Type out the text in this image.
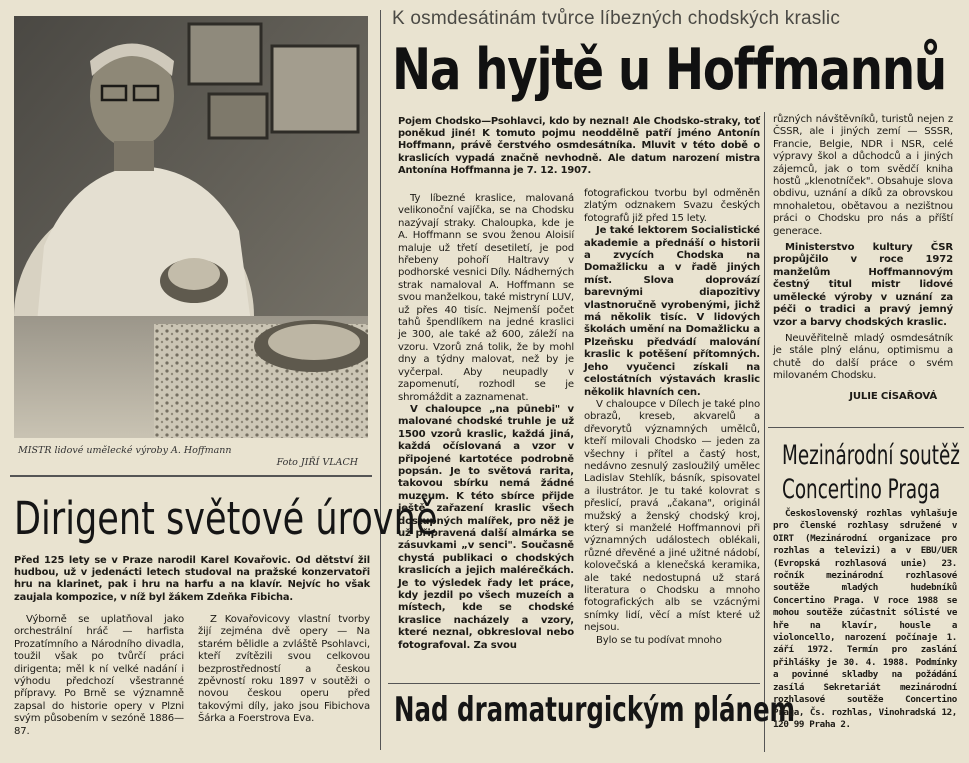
MISTR lidové umělecké výroby A. Hoffmann
Foto JIŘÍ VLACH
K osmdesátinám tvůrce líbezných chodských kraslic
Na hyjtě u Hoffmannů
Pojem Chodsko—Psohlavci, kdo by neznal! Ale Chodsko-straky, toť poněkud jiné! K tomuto pojmu neoddělně patří jméno Antonín Hoffmann, právě čerstvého osmdesátníka. Mluvit v této době o kraslicích vypadá značně nevhodně. Ale datum narození mistra Antonína Hoffmanna je 7. 12. 1907.

Ty líbezné kraslice, malovaná velikonoční vajíčka, se na Chodsku nazývají straky. Chaloupka, kde je A. Hoffmann se svou ženou Aloisií maluje už třetí desetiletí, je pod hřebeny pohoří Haltravy v podhorské vesnici Díly. Nádherných strak namaloval A. Hoffmann se svou manželkou, také mistryní LUV, už přes 40 tisíc. Nejmenší počet tahů špendlíkem na jedné kraslici je 300, ale také až 600, záleží na vzoru. Vzorů zná tolik, že by mohl dny a týdny malovat, než by je vyčerpal. Aby neupadly v zapomenutí, rozhodl se je shromáždit a zaznamenat.

V chaloupce „na pūnebi" v malované chodské truhle je už 1500 vzorů kraslic, každá jiná, každá očíslovaná a vzor v připojené kartotéce podrobně popsán. Je to světová rarita, takovou sbírku nemá žádné muzeum. K této sbírce přijde ještě zařazení kraslic všech dostupných malířek, pro něž je už připravená další almárka se zásuvkami „v senci". Současně chystá publikaci o chodských kraslicích a jejich malérečkách. Je to výsledek řady let práce, kdy jezdil po všech muzeích a místech, kde se chodské kraslice nacházely a vzory, které neznal, obkresloval nebo fotografoval. Za svou

fotografickou tvorbu byl odměněn zlatým odznakem Svazu českých fotografů již před 15 lety.

Je také lektorem Socialistické akademie a přednáší o historii a zvycích Chodska na Domažlicku a v řadě jiných míst. Slova doprovází barevnými diapozitivy vlastnoručně vyrobenými, jichž má několik tisíc. V lidových školách umění na Domažlicku a Plzeňsku předvádí malování kraslic k potěšení přítomných. Jeho vyučenci získali na celostátních výstavách kraslic několik hlavních cen.

V chaloupce v Dílech je také plno obrazů, kreseb, akvarelů a dřevorytů významných umělců, kteří milovali Chodsko — jeden za všechny i přítel a častý host, nedávno zesnulý zasloužilý umělec Ladislav Stehlík, básník, spisovatel a ilustrátor. Je tu také kolovrat s přeslicí, pravá „čakana", originál mužský a ženský chodský kroj, který si manželé Hoffmannovi při významných událostech oblékali, různé dřevěné a jiné užitné nádobí, kolovečská a klenečská keramika, ale také nedostupná už stará literatura o Chodsku a mnoho fotografických alb se vzácnými snímky lidí, věcí a míst které už nejsou.

Bylo se tu podívat mnoho

různých návštěvníků, turistů nejen z ČSSR, ale i jiných zemí — SSSR, Francie, Belgie, NDR i NSR, celé výpravy škol a důchodců a i jiných zájemců, jak o tom svědčí kniha hostů „klenotníček". Obsahuje slova obdivu, uznání a díků za obrovskou mnohaletou, obětavou a nezištnou práci o Chodsku pro nás a příští generace.

Ministerstvo kultury ČSR propůjčilo v roce 1972 manželům Hoffmannovým čestný titul mistr lidové umělecké výroby v uznání za péči o tradici a pravý jemný vzor a barvy chodských kraslic.

Neuvěřitelně mladý osmdesátník je stále plný elánu, optimismu a chutě do další práce o svém milovaném Chodsku.

JULIE CÍSAŘOVÁ
Dirigent světové úrovně
Před 125 lety se v Praze narodil Karel Kovařovic. Od dětství žil hudbou, už v jedenácti letech studoval na pražské konzervatoři hru na klarinet, pak i hru na harfu a na klavír. Nejvíc ho však zaujala kompozice, v níž byl žákem Zdeňka Fibicha.

Výborně se uplatňoval jako orchestrální hráč — harfista Prozatímního a Národního divadla, toužil však po tvůrčí práci dirigenta; měl k ní velké nadání i výhodu předchozí všestranné přípravy. Po Brně se významně zapsal do historie opery v Plzni svým působením v sezóně 1886—87.

Z Kovařovicovy vlastní tvorby žijí zejména dvě opery — Na starém bělidle a zvláště Psohlavci, kteří zvítězili svou celkovou bezprostředností a českou zpěvností roku 1897 v soutěži o novou českou operu před takovými díly, jako jsou Fibichova Šárka a Foerstrova Eva.	Nad dramaturgickým plánem
Mezinárodní soutěž
Concertino Praga
Československý rozhlas vyhlašuje pro členské rozhlasy sdružené v OIRT (Mezinárodní organizace pro rozhlas a televizi) a v EBU/UER (Evropská rozhlasová unie) 23. ročník mezinárodní rozhlasové soutěže mladých hudebníků Concertino Praga. V roce 1988 se mohou soutěže zúčastnit sólisté ve hře na klavír, housle a violoncello, narození počínaje 1. září 1972. Termín pro zaslání přihlášky je 30. 4. 1988. Podmínky a povinné skladby na požádání zasílá Sekretariát mezinárodní rozhlasové soutěže Concertino Praga, Čs. rozhlas, Vinohradská 12, 120 99 Praha 2.
